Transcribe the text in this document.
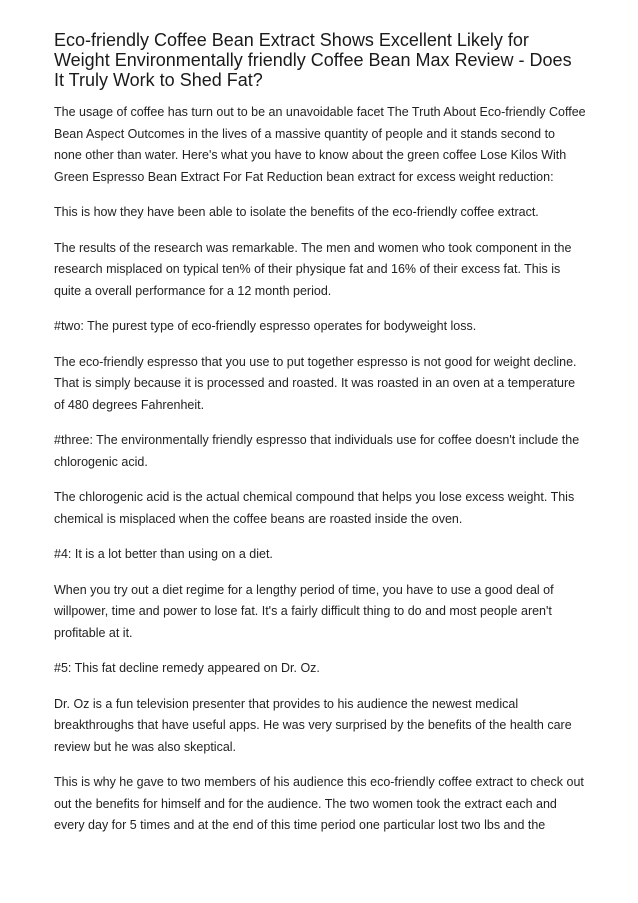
Eco-friendly Coffee Bean Extract Shows Excellent Likely for Weight Environmentally friendly Coffee Bean Max Review - Does It Truly Work to Shed Fat?

The usage of coffee has turn out to be an unavoidable facet The Truth About Eco-friendly Coffee Bean Aspect Outcomes in the lives of a massive quantity of people and it stands second to none other than water. Here's what you have to know about the green coffee Lose Kilos With Green Espresso Bean Extract For Fat Reduction bean extract for excess weight reduction:

This is how they have been able to isolate the benefits of the eco-friendly coffee extract.

The results of the research was remarkable. The men and women who took component in the research misplaced on typical ten% of their physique fat and 16% of their excess fat. This is quite a overall performance for a 12 month period.

#two: The purest type of eco-friendly espresso operates for bodyweight loss.

The eco-friendly espresso that you use to put together espresso is not good for weight decline. That is simply because it is processed and roasted. It was roasted in an oven at a temperature of 480 degrees Fahrenheit.

#three: The environmentally friendly espresso that individuals use for coffee doesn't include the chlorogenic acid.

The chlorogenic acid is the actual chemical compound that helps you lose excess weight. This chemical is misplaced when the coffee beans are roasted inside the oven.

#4: It is a lot better than using on a diet.

When you try out a diet regime for a lengthy period of time, you have to use a good deal of willpower, time and power to lose fat. It's a fairly difficult thing to do and most people aren't profitable at it.

#5: This fat decline remedy appeared on Dr. Oz.

Dr. Oz is a fun television presenter that provides to his audience the newest medical breakthroughs that have useful apps. He was very surprised by the benefits of the health care review but he was also skeptical.

This is why he gave to two members of his audience this eco-friendly coffee extract to check out out the benefits for himself and for the audience. The two women took the extract each and every day for 5 times and at the end of this time period one particular lost two lbs and the
